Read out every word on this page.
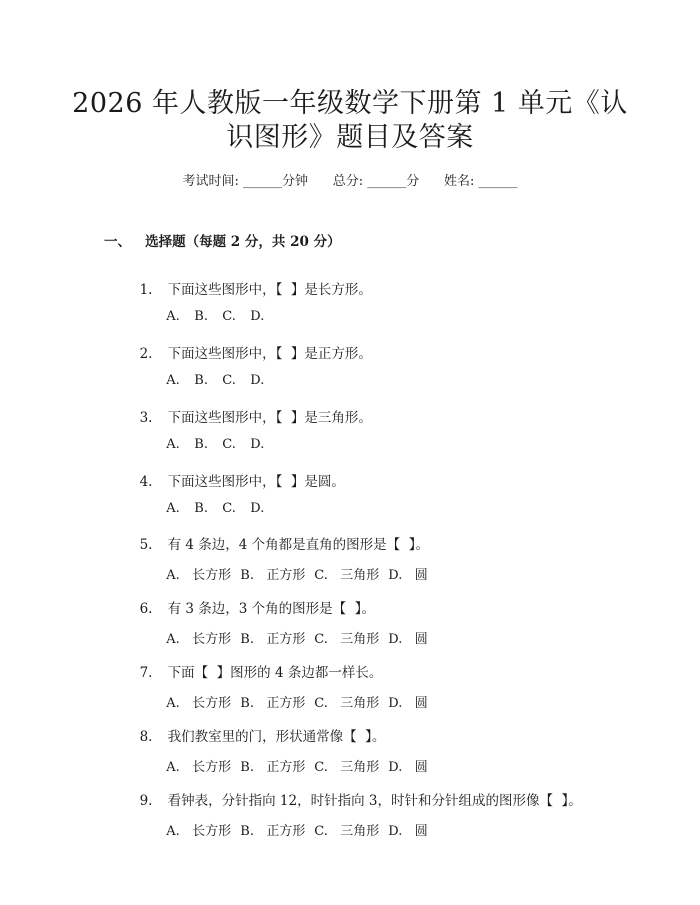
2026 年人教版一年级数学下册第 1 单元《认
识图形》题目及答案
考试时间: ______分钟      总分: ______分      姓名: ______
一、   选择题（每题 2 分，共 20 分）

1. 下面这些图形中，【  】是长方形。

A. B. C. D.

2. 下面这些图形中，【  】是正方形。

A. B. C. D.

3. 下面这些图形中，【  】是三角形。

A. B. C. D.

4. 下面这些图形中，【  】是圆。

A. B. C. D.

5. 有 4 条边，4 个角都是直角的图形是【  】。

A.   长方形 B.   正方形 C.   三角形 D.   圆

6. 有 3 条边，3 个角的图形是【  】。

A.   长方形 B.   正方形 C.   三角形 D.   圆

7. 下面【  】图形的 4 条边都一样长。

A.   长方形 B.   正方形 C.   三角形 D.   圆

8. 我们教室里的门，形状通常像【  】。

A.   长方形 B.   正方形 C.   三角形 D.   圆

9. 看钟表，分针指向 12，时针指向 3，时针和分针组成的图形像【  】。

A.   长方形 B.   正方形 C.   三角形 D.   圆
